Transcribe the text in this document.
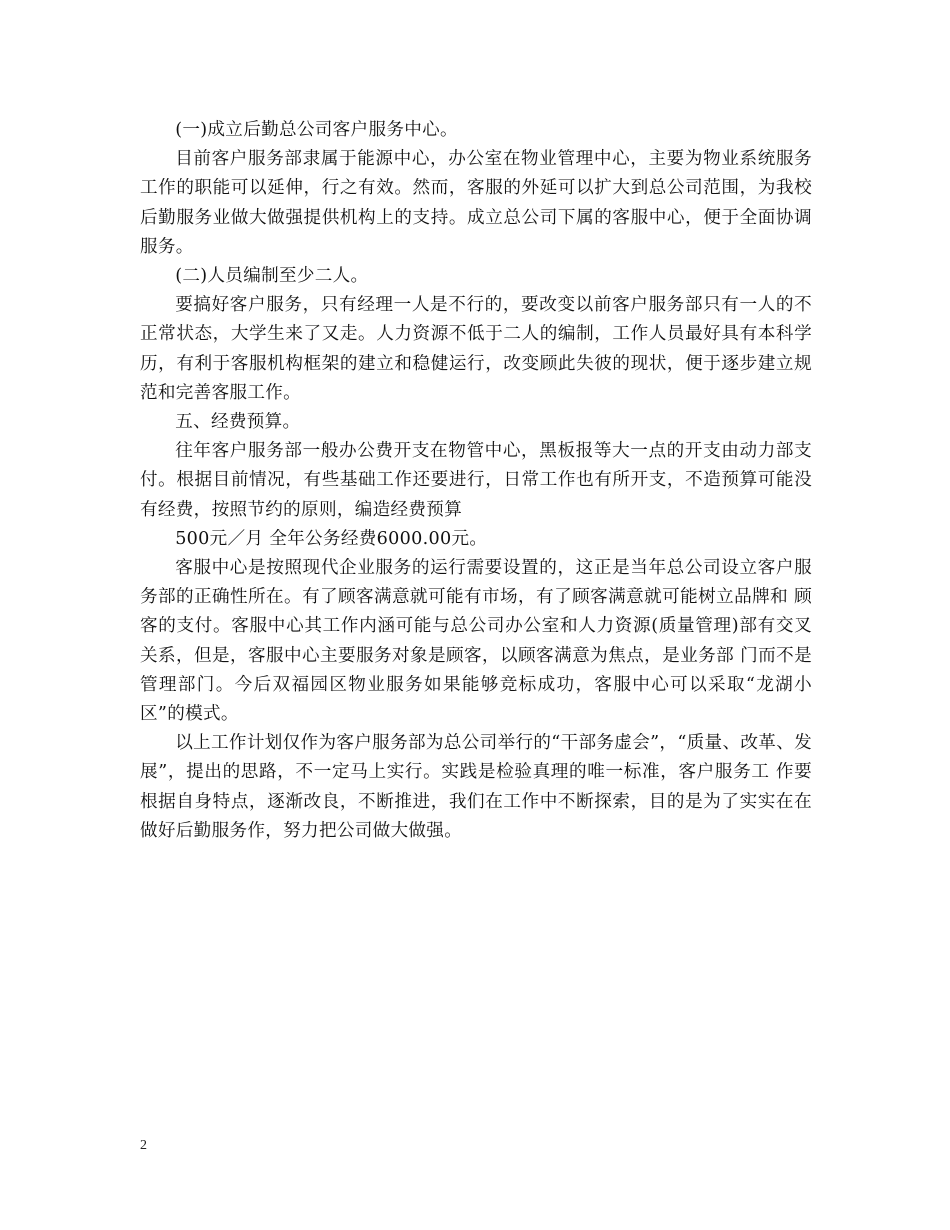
(一)成立后勤总公司客户服务中心。

目前客户服务部隶属于能源中心，办公室在物业管理中心，主要为物业系统服务工作的职能可以延伸，行之有效。然而，客服的外延可以扩大到总公司范围，为我校后勤服务业做大做强提供机构上的支持。成立总公司下属的客服中心，便于全面协调服务。

(二)人员编制至少二人。

要搞好客户服务，只有经理一人是不行的，要改变以前客户服务部只有一人的不正常状态，大学生来了又走。人力资源不低于二人的编制，工作人员最好具有本科学历，有利于客服机构框架的建立和稳健运行，改变顾此失彼的现状，便于逐步建立规范和完善客服工作。

五、经费预算。

往年客户服务部一般办公费开支在物管中心，黑板报等大一点的开支由动力部支付。根据目前情况，有些基础工作还要进行，日常工作也有所开支，不造预算可能没有经费，按照节约的原则，编造经费预算

500元／月 全年公务经费6000.00元。

客服中心是按照现代企业服务的运行需要设置的，这正是当年总公司设立客户服务部的正确性所在。有了顾客满意就可能有市场，有了顾客满意就可能树立品牌和 顾客的支付。客服中心其工作内涵可能与总公司办公室和人力资源(质量管理)部有交叉关系，但是，客服中心主要服务对象是顾客，以顾客满意为焦点，是业务部 门而不是管理部门。今后双福园区物业服务如果能够竞标成功，客服中心可以采取“龙湖小区”的模式。

以上工作计划仅作为客户服务部为总公司举行的“干部务虚会”，“质量、改革、发展”，提出的思路，不一定马上实行。实践是检验真理的唯一标准，客户服务工 作要根据自身特点，逐渐改良，不断推进，我们在工作中不断探索，目的是为了实实在在做好后勤服务作，努力把公司做大做强。

2
